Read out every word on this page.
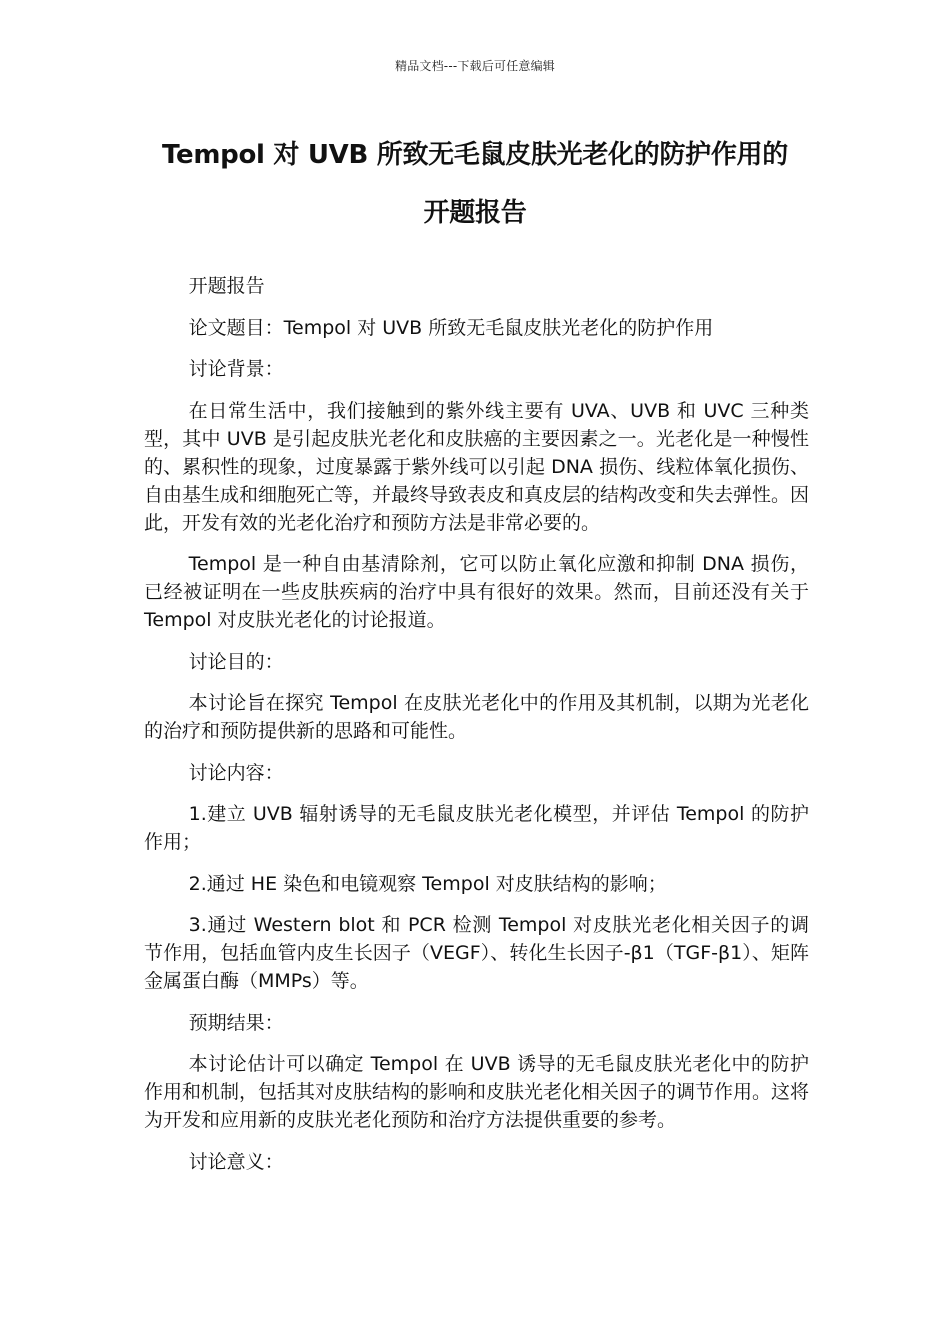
精品文档---下载后可任意编辑
Tempol 对 UVB 所致无毛鼠皮肤光老化的防护作用的
开题报告

开题报告

论文题目：Tempol 对 UVB 所致无毛鼠皮肤光老化的防护作用

讨论背景：

在日常生活中，我们接触到的紫外线主要有 UVA、UVB 和 UVC 三种类型，其中 UVB 是引起皮肤光老化和皮肤癌的主要因素之一。光老化是一种慢性的、累积性的现象，过度暴露于紫外线可以引起 DNA 损伤、线粒体氧化损伤、自由基生成和细胞死亡等，并最终导致表皮和真皮层的结构改变和失去弹性。因此，开发有效的光老化治疗和预防方法是非常必要的。

Tempol 是一种自由基清除剂，它可以防止氧化应激和抑制 DNA 损伤，已经被证明在一些皮肤疾病的治疗中具有很好的效果。然而，目前还没有关于 Tempol 对皮肤光老化的讨论报道。

讨论目的：

本讨论旨在探究 Tempol 在皮肤光老化中的作用及其机制，以期为光老化的治疗和预防提供新的思路和可能性。

讨论内容：

1.建立 UVB 辐射诱导的无毛鼠皮肤光老化模型，并评估 Tempol 的防护作用；

2.通过 HE 染色和电镜观察 Tempol 对皮肤结构的影响；

3.通过 Western blot 和 PCR 检测 Tempol 对皮肤光老化相关因子的调节作用，包括血管内皮生长因子（VEGF）、转化生长因子-β1（TGF-β1）、矩阵金属蛋白酶（MMPs）等。

预期结果：

本讨论估计可以确定 Tempol 在 UVB 诱导的无毛鼠皮肤光老化中的防护作用和机制，包括其对皮肤结构的影响和皮肤光老化相关因子的调节作用。这将为开发和应用新的皮肤光老化预防和治疗方法提供重要的参考。

讨论意义：
